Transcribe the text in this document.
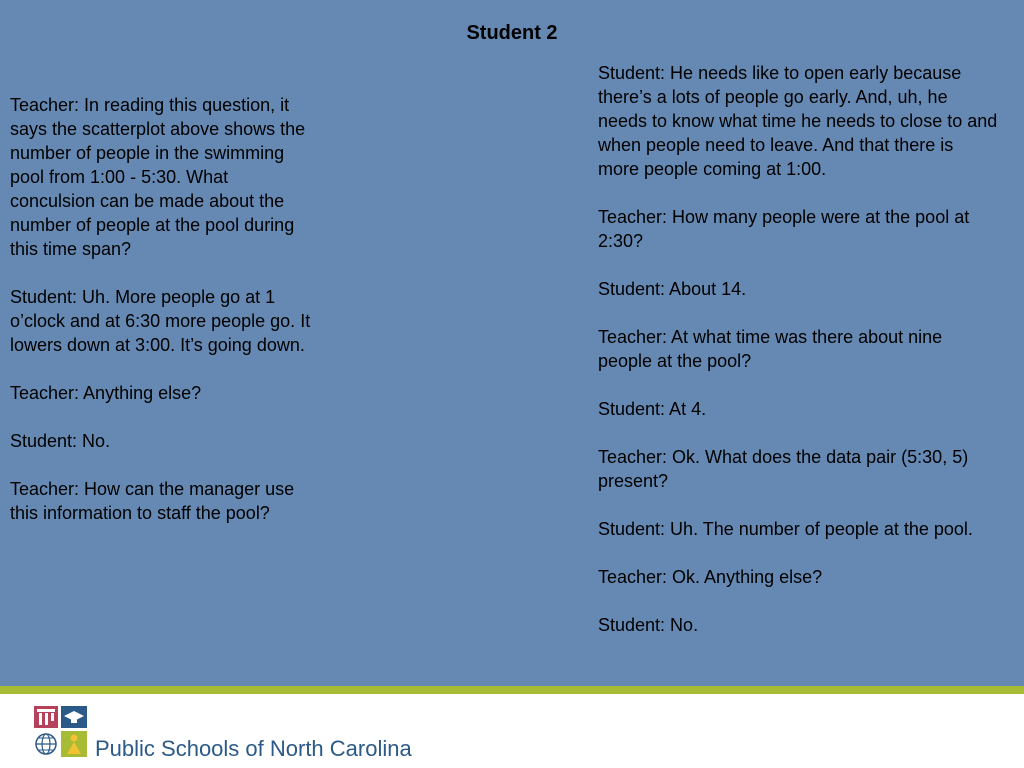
Student 2

Teacher: In reading this question, it says the scatterplot above shows the number of people in the swimming pool from 1:00 - 5:30. What conculsion can be made about the number of people at the pool during this time span?

Student: Uh. More people go at 1 o’clock and at 6:30 more people go. It lowers down at 3:00. It’s going down.

Teacher: Anything else?

Student: No.

Teacher: How can the manager use this information to staff the pool?

Student: He needs like to open early because there’s a lots of people go early. And, uh, he needs to know what time he needs to close to and when people need to leave. And that there is more people coming at 1:00.

Teacher: How many people were at the pool at 2:30?

Student: About 14.

Teacher: At what time was there about nine people at the pool?

Student: At 4.

Teacher: Ok. What does the data pair (5:30, 5) present?

Student: Uh. The number of people at the pool.

Teacher: Ok. Anything else?

Student: No.

Public Schools of North Carolina
